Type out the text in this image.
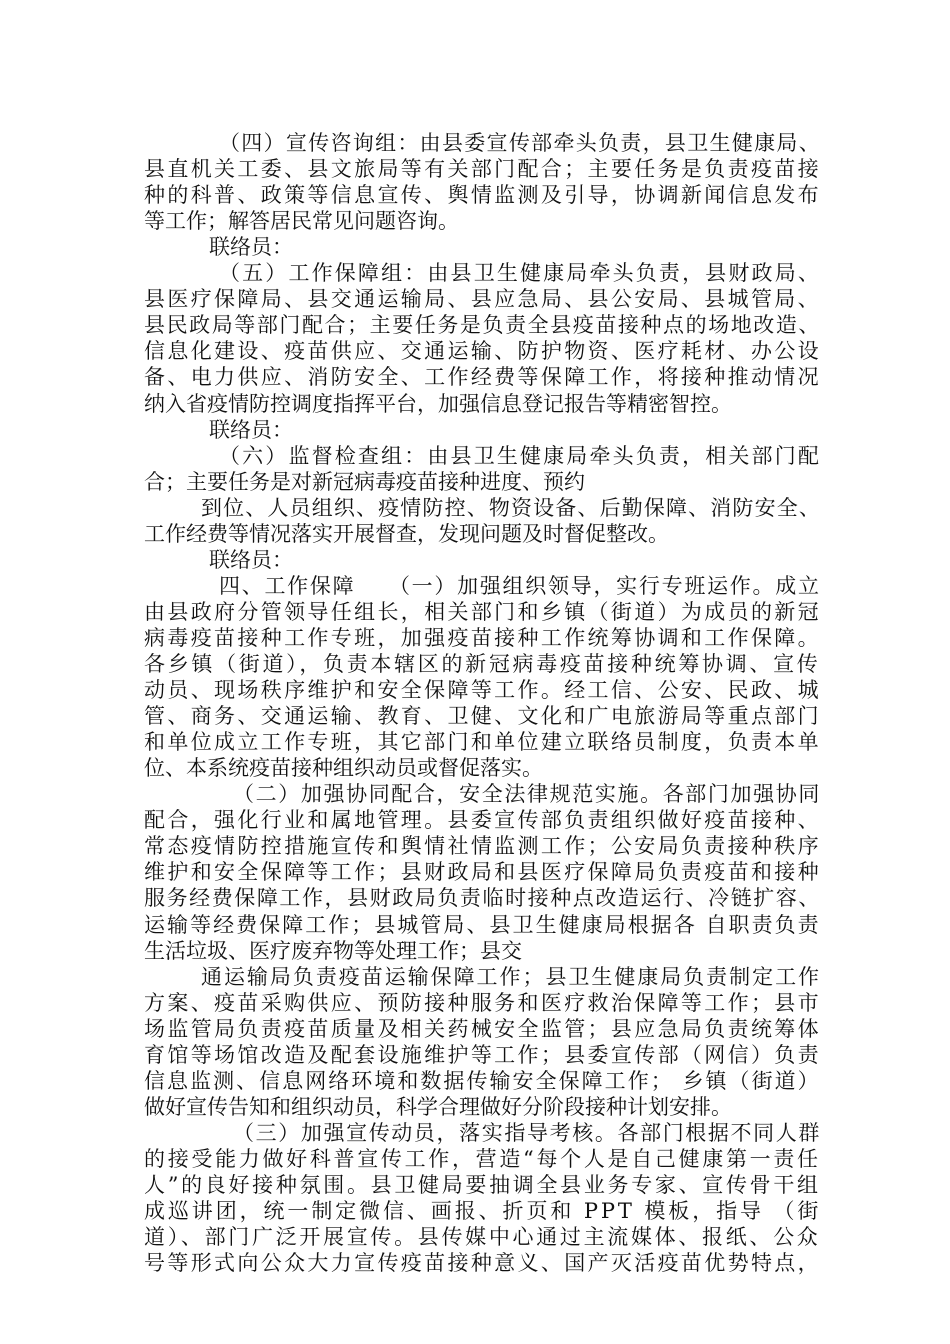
（四）宣传咨询组：由县委宣传部牵头负责，县卫生健康局、
县直机关工委、县文旅局等有关部门配合；主要任务是负责疫苗接
种的科普、政策等信息宣传、舆情监测及引导，协调新闻信息发布
等工作；解答居民常见问题咨询。
联络员：
（五）工作保障组：由县卫生健康局牵头负责，县财政局、
县医疗保障局、县交通运输局、县应急局、县公安局、县城管局、
县民政局等部门配合；主要任务是负责全县疫苗接种点的场地改造、
信息化建设、疫苗供应、交通运输、防护物资、医疗耗材、办公设
备、电力供应、消防安全、工作经费等保障工作，将接种推动情况
纳入省疫情防控调度指挥平台，加强信息登记报告等精密智控。
联络员：
（六）监督检查组：由县卫生健康局牵头负责，相关部门配
合；主要任务是对新冠病毒疫苗接种进度、预约
到位、人员组织、疫情防控、物资设备、后勤保障、消防安全、
工作经费等情况落实开展督查，发现问题及时督促整改。
联络员：
四、工作保障    （一）加强组织领导，实行专班运作。成立
由县政府分管领导任组长，相关部门和乡镇（街道）为成员的新冠
病毒疫苗接种工作专班，加强疫苗接种工作统筹协调和工作保障。
各乡镇（街道），负责本辖区的新冠病毒疫苗接种统筹协调、宣传
动员、现场秩序维护和安全保障等工作。经工信、公安、民政、城
管、商务、交通运输、教育、卫健、文化和广电旅游局等重点部门
和单位成立工作专班，其它部门和单位建立联络员制度，负责本单
位、本系统疫苗接种组织动员或督促落实。
（二）加强协同配合，安全法律规范实施。各部门加强协同
配合，强化行业和属地管理。县委宣传部负责组织做好疫苗接种、
常态疫情防控措施宣传和舆情社情监测工作；公安局负责接种秩序
维护和安全保障等工作；县财政局和县医疗保障局负责疫苗和接种
服务经费保障工作，县财政局负责临时接种点改造运行、冷链扩容、
运输等经费保障工作；县城管局、县卫生健康局根据各 自职责负责
生活垃圾、医疗废弃物等处理工作；县交
通运输局负责疫苗运输保障工作；县卫生健康局负责制定工作
方案、疫苗采购供应、预防接种服务和医疗救治保障等工作；县市
场监管局负责疫苗质量及相关药械安全监管；县应急局负责统筹体
育馆等场馆改造及配套设施维护等工作；县委宣传部（网信）负责
信息监测、信息网络环境和数据传输安全保障工作； 乡镇（街道）
做好宣传告知和组织动员，科学合理做好分阶段接种计划安排。
（三）加强宣传动员，落实指导考核。各部门根据不同人群
的接受能力做好科普宣传工作，营造“每个人是自己健康第一责任
人”的良好接种氛围。县卫健局要抽调全县业务专家、宣传骨干组
成巡讲团，统一制定微信、画报、折页和 PPT 模板，指导 （街
道）、部门广泛开展宣传。县传媒中心通过主流媒体、报纸、公众
号等形式向公众大力宣传疫苗接种意义、国产灭活疫苗优势特点，
